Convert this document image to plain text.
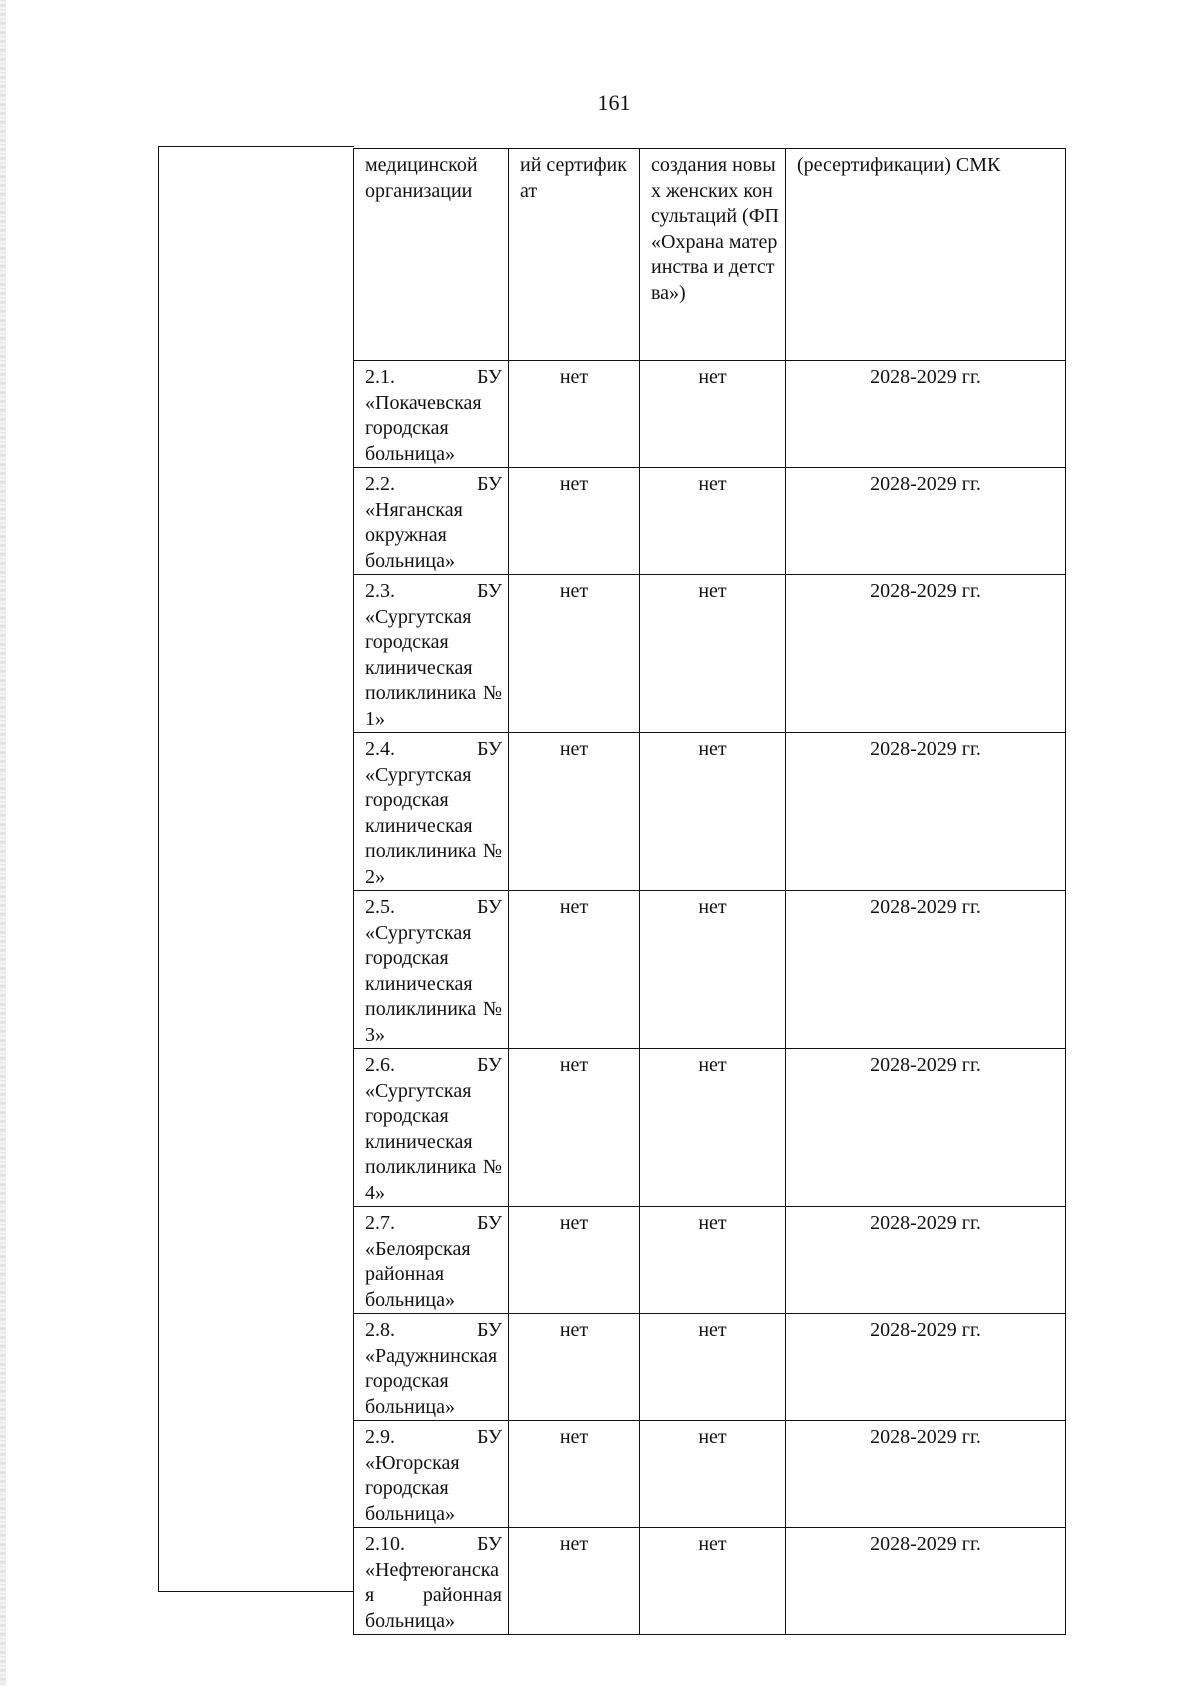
161
медицинской организации	ий сертификат	создания новых женских консультаций (ФП «Охрана материнства и детства»)	(ресертификации) СМК

2.1. БУ
«Покачевская городская больница»	нет	нет	2028-2029 гг.

2.2. БУ
«Няганская окружная больница»	нет	нет	2028-2029 гг.

2.3. БУ
«Сургутская городская клиническая поликлиника № 1»	нет	нет	2028-2029 гг.

2.4. БУ
«Сургутская городская клиническая поликлиника № 2»	нет	нет	2028-2029 гг.

2.5. БУ
«Сургутская городская клиническая поликлиника № 3»	нет	нет	2028-2029 гг.

2.6. БУ
«Сургутская городская клиническая поликлиника № 4»	нет	нет	2028-2029 гг.

2.7. БУ
«Белоярская районная больница»	нет	нет	2028-2029 гг.

2.8. БУ
«Радужнинская городская больница»	нет	нет	2028-2029 гг.

2.9. БУ
«Югорская городская больница»	нет	нет	2028-2029 гг.

2.10. БУ
«Нефтеюганская районная больница»	нет	нет	2028-2029 гг.
